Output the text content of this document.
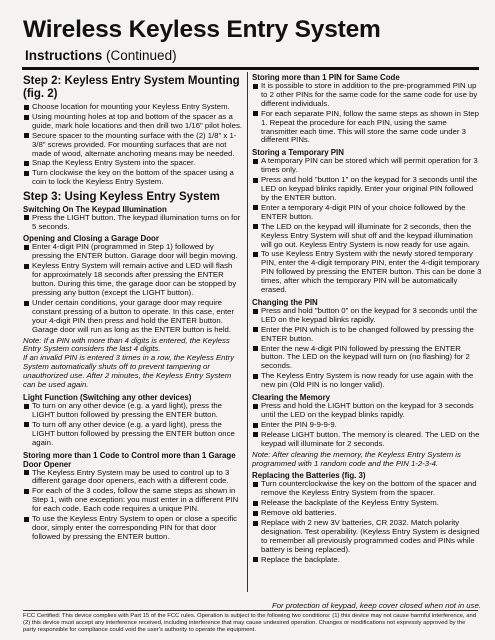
Wireless Keyless Entry System
Instructions (Continued)
Step 2: Keyless Entry System Mounting (fig. 2)
Choose location for mounting your Keyless Entry System.
Using mounting holes at top and bottom of the spacer as a guide, mark hole locations and then drill two 1/16" pilot holes.
Secure spacer to the mounting surface with the (2) 1/8" x 1-3/8" screws provided. For mounting surfaces that are not made of wood, alternate anchoring means may be needed.
Snap the Keyless Entry System into the spacer.
Turn clockwise the key on the bottom of the spacer using a coin to lock the Keyless Entry System.
Step 3: Using Keyless Entry System
Switching On The Keypad Illumination
Press the LIGHT button. The keypad illumination turns on for 5 seconds.
Opening and Closing a Garage Door
Enter 4-digit PIN (programmed in Step 1) followed by pressing the ENTER button. Garage door will begin moving.
Keyless Entry System will remain active and LED will flash for approximately 18 seconds after pressing the ENTER button. During this time, the garage door can be stopped by pressing any button (except the LIGHT button).
Under certain conditions, your garage door may require constant pressing of a button to operate. In this case, enter your 4-digit PIN then press and hold the ENTER button. Garage door will run as long as the ENTER button is held.

Note: If a PIN with more than 4 digits is entered, the Keyless Entry System considers the last 4 digits.

If an invalid PIN is entered 3 times in a row, the Keyless Entry System automatically shuts off to prevent tampering or unauthorized use. After 2 minutes, the Keyless Entry System can be used again.

Light Function (Switching any other devices)
To turn on any other device (e.g. a yard light), press the LIGHT button followed by pressing the ENTER button.
To turn off any other device (e.g. a yard light), press the LIGHT button followed by pressing the ENTER button once again.
Storing more than 1 Code to Control more than 1 Garage Door Opener
The Keyless Entry System may be used to control up to 3 different garage door openers, each with a different code.
For each of the 3 codes, follow the same steps as shown in Step 1, with one exception: you must enter in a different PIN for each code. Each code requires a unique PIN.
To use the Keyless Entry System to open or close a specific door, simply enter the corresponding PIN for that door followed by pressing the ENTER button.
Storing more than 1 PIN for Same Code
It is possible to store in addition to the pre-programmed PIN up to 2 other PINs for the same code for the same code for use by different individuals.
For each separate PIN, follow the same steps as shown in Step 1. Repeat the procedure for each PIN, using the same transmitter each time. This will store the same code under 3 different PINs.
Storing a Temporary PIN
A temporary PIN can be stored which will permit operation for 3 times only.
Press and hold "button 1" on the keypad for 3 seconds until the LED on keypad blinks rapidly. Enter your original PIN followed by the ENTER button.
Enter a temporary 4-digit PIN of your choice followed by the ENTER button.
The LED on the keypad will illuminate for 2 seconds, then the Keyless Entry System will shut off and the keypad illumination will go out. Keyless Entry System is now ready for use again.
To use Keyless Entry System with the newly stored temporary PIN, enter the 4-digit temporary PIN, enter the 4-digit temporary PIN followed by pressing the ENTER button. This can be done 3 times, after which the temporary PIN will be automatically erased.
Changing the PIN
Press and hold "button 0" on the keypad for 3 seconds until the LED on the keypad blinks rapidly.
Enter the PIN which is to be changed followed by pressing the ENTER button.
Enter the new 4-digit PIN followed by pressing the ENTER button. The LED on the keypad will turn on (no flashing) for 2 seconds.
The Keyless Entry System is now ready for use again with the new pin (Old PIN is no longer valid).
Clearing the Memory
Press and hold the LIGHT button on the keypad for 3 seconds until the LED on the keypad blinks rapidly.
Enter the PIN 9-9-9-9.
Release LIGHT button. The memory is cleared. The LED on the keypad will illuminate for 2 seconds.

Note: After clearing the memory, the Keyless Entry System is programmed with 1 random code and the PIN 1-2-3-4.

Replacing the Batteries (fig. 3)
Turn counterclockwise the key on the bottom of the spacer and remove the Keyless Entry System from the spacer.
Release the backplate of the Keyless Entry System.
Remove old batteries.
Replace with 2 new 3V batteries, CR 2032. Match polarity designation. Test operability. (Keyless Entry System is designed to remember all previously programmed codes and PINs while battery is being replaced).
Replace the backplate.
For protection of keypad, keep cover closed when not in use.
FCC Certified: This device complies with Part 15 of the FCC rules. Operation is subject to the following two conditions: (1) this device may not cause harmful interference, and (2) this device must accept any interference received, including interference that may cause undesired operation. Changes or modifications not expressly approved by the party responsible for compliance could void the user's authority to operate the equipment.
